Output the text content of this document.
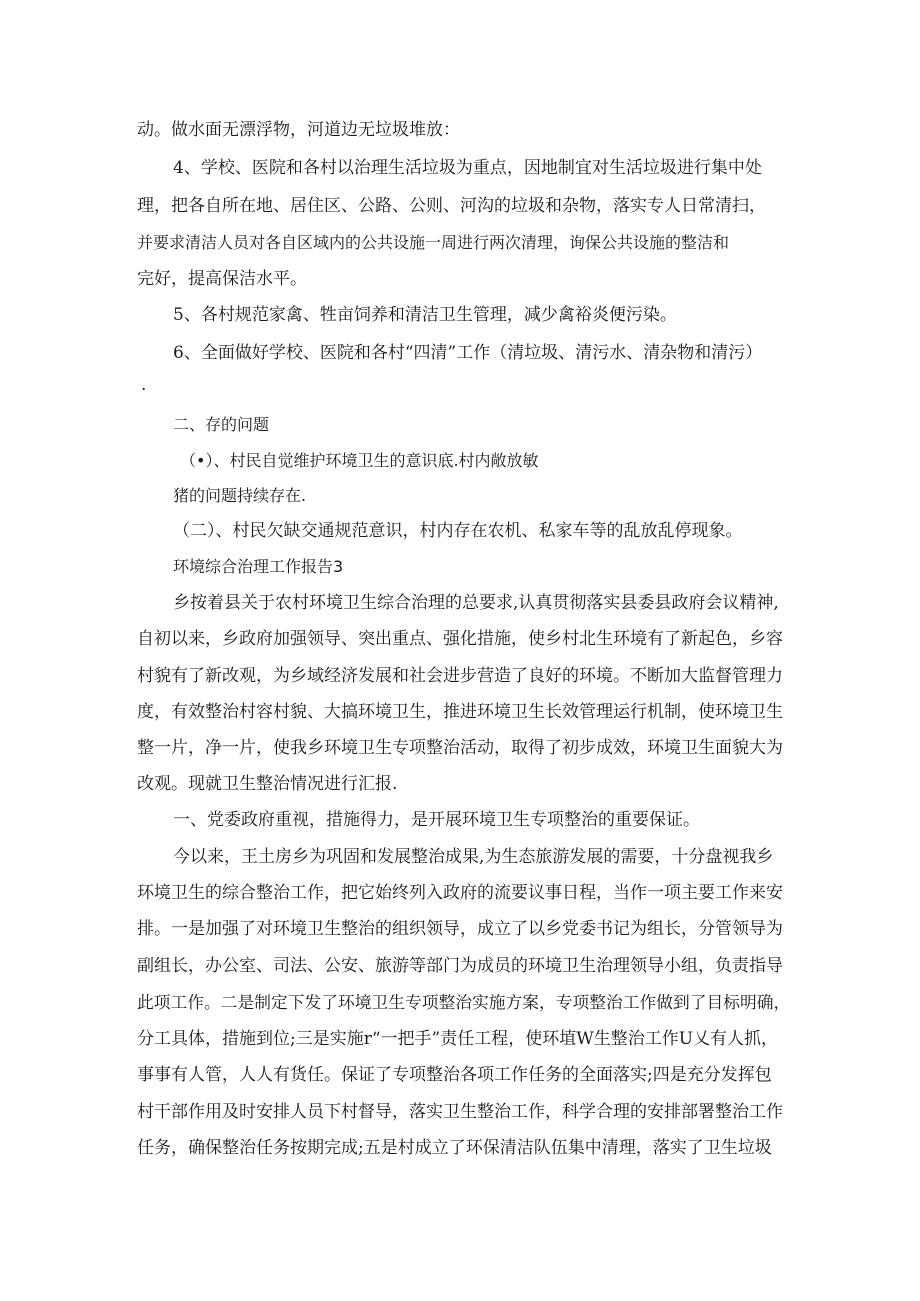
动。做水面无漂浮物，河道边无垃圾堆放：
4、学校、医院和各村以治理生活垃圾为重点，因地制宜对生活垃圾进行集中处
理，把各自所在地、居住区、公路、公则、河沟的垃圾和杂物，落实专人日常清扫，
并要求清洁人员对各自区域内的公共设施一周进行两次清理，询保公共设施的整洁和
完好，提高保洁水平。
5、各村规范家禽、牲亩饲养和清洁卫生管理，减少禽裕炎便污染。
6、全面做好学校、医院和各村“四清”工作（清垃圾、清污水、清杂物和清污）
.
二、存的问题
（•）、村民自觉维护环境卫生的意识底.村内敞放敏
猪的问题持续存在.
（二）、村民欠缺交通规范意识，村内存在农机、私家车等的乱放乱停现象。
环境综合治理工作报告3
乡按着县关于农村环境卫生综合治理的总要求,认真贯彻落实县委县政府会议精神,
自初以来，乡政府加强领导、突出重点、强化措施，使乡村北生环境有了新起色，乡容
村貌有了新改观，为乡域经济发展和社会进步营造了良好的环境。不断加大监督管理力
度，有效整治村容村貌、大搞环境卫生，推进环境卫生长效管理运行机制，使环境卫生
整一片，净一片，使我乡环境卫生专项整治活动，取得了初步成效，环境卫生面貌大为
改观。现就卫生整治情况进行汇报.
一、党委政府重视，措施得力，是开展环境卫生专项整治的重要保证。
今以来，王土房乡为巩固和发展整治成果,为生态旅游发展的需要，十分盘视我乡
环境卫生的综合整治工作，把它始终列入政府的流要议事日程，当作一项主要工作来安
排。一是加强了对环境卫生整治的组织领导，成立了以乡党委书记为组长，分管领导为
副组长，办公室、司法、公安、旅游等部门为成员的环境卫生治理领导小组，负责指导
此项工作。二是制定下发了环境卫生专项整治实施方案，专项整治工作做到了目标明确，
分工具体，措施到位;三是实施r“一把手”责任工程，使环埴W生整治工作U乂有人抓，
事事有人管，人人有货任。保证了专项整治各项工作任务的全面落实;四是充分发挥包
村干部作用及时安排人员下村督导，落实卫生整治工作，科学合理的安排部署整治工作
任务，确保整治任务按期完成;五是村成立了环保清洁队伍集中清理，落实了卫生垃圾
